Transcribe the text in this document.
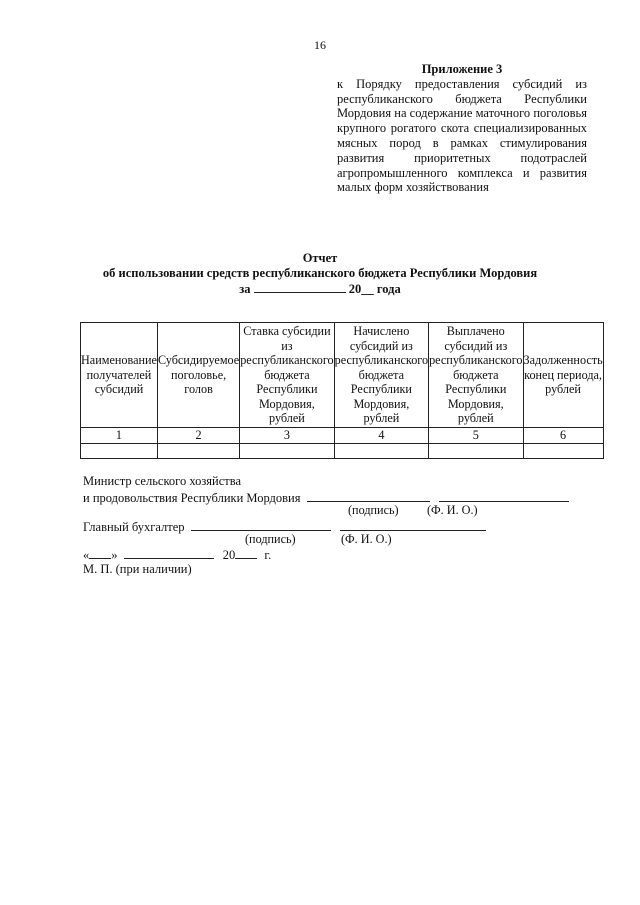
16
Приложение 3
к Порядку предоставления субсидий из республиканского бюджета Республики Мордовия на содержание маточного поголовья крупного рогатого скота специализированных мясных пород в рамках стимулирования развития приоритетных подотраслей агропромышленного комплекса и развития малых форм хозяйствования
Отчет
об использовании средств республиканского бюджета Республики Мордовия
за	20__ года
Наименование получателей субсидий	Субсидируемое поголовье, голов	Ставка субсидии из республиканского бюджета Республики Мордовия, рублей	Начислено субсидий из республиканского бюджета Республики Мордовия, рублей	Выплачено субсидий из республиканского бюджета Республики Мордовия, рублей	Задолженность конец периода, рублей
1	2	3	4	5	6

Министр сельского хозяйства
и продовольствия Республики Мордовия
(подпись) (Ф. И. О.)
Главный бухгалтер
(подпись)	(Ф. И. О.)
« »	20 г.
М. П. (при наличии)
